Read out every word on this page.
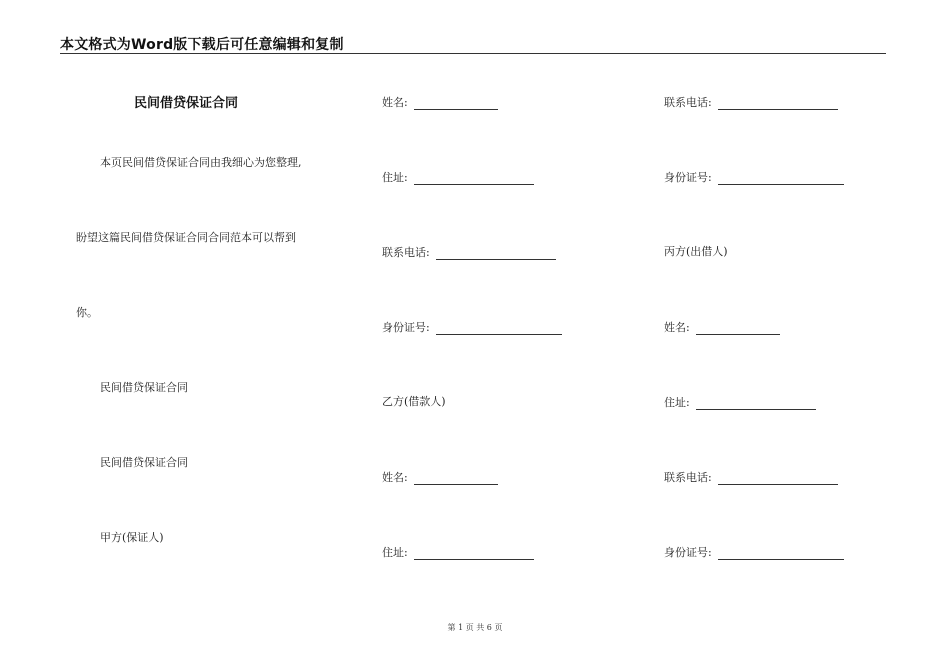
本文格式为Word版下载后可任意编辑和复制
民间借贷保证合同
本页民间借贷保证合同由我细心为您整理,
盼望这篇民间借贷保证合同合同范本可以帮到
你。
民间借贷保证合同
民间借贷保证合同
甲方(保证人)
姓名:
住址:
联系电话:
身份证号:
乙方(借款人)
姓名:
住址:
联系电话:
身份证号:
丙方(出借人)
姓名:
住址:
联系电话:
身份证号:
第 1 页 共 6 页
